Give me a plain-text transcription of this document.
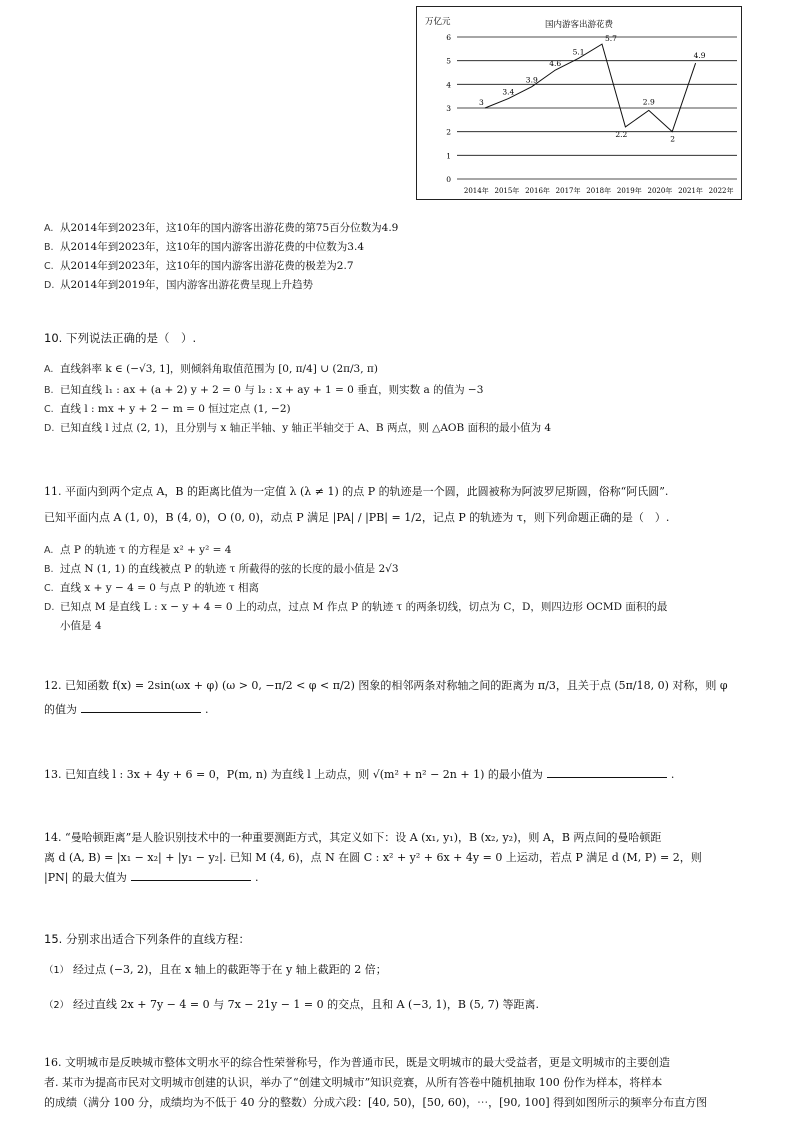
国内游客出游花费
万亿元
0
1
2
3
4
5
6
2014年 2015年 2016年 2017年 2018年 2019年 2020年 2021年 2022年
3
3.4
3.9
4.6
5.1
5.7
2.2
2.9
2
4.9
A. 从2014年到2023年，这10年的国内游客出游花费的第75百分位数为4.9
B. 从2014年到2023年，这10年的国内游客出游花费的中位数为3.4
C. 从2014年到2023年，这10年的国内游客出游花费的极差为2.7
D. 从2014年到2019年，国内游客出游花费呈现上升趋势
10. 下列说法正确的是（　）.
A. 直线斜率 k ∈ (−√3, 1]，则倾斜角取值范围为 [0, π/4] ∪ (2π/3, π)
B. 已知直线 l₁ : ax + (a + 2) y + 2 = 0 与 l₂ : x + ay + 1 = 0 垂直，则实数 a 的值为 −3
C. 直线 l : mx + y + 2 − m = 0 恒过定点 (1, −2)
D. 已知直线 l 过点 (2, 1)，且分别与 x 轴正半轴、y 轴正半轴交于 A、B 两点，则 △AOB 面积的最小值为 4
11. 平面内到两个定点 A，B 的距离比值为一定值 λ (λ ≠ 1) 的点 P 的轨迹是一个圆，此圆被称为阿波罗尼斯圆，俗称“阿氏圆”.
已知平面内点 A (1, 0)，B (4, 0)，O (0, 0)，动点 P 满足 |PA| / |PB| = 1/2，记点 P 的轨迹为 τ，则下列命题正确的是（　）.
A. 点 P 的轨迹 τ 的方程是 x² + y² = 4
B. 过点 N (1, 1) 的直线被点 P 的轨迹 τ 所截得的弦的长度的最小值是 2√3
C. 直线 x + y − 4 = 0 与点 P 的轨迹 τ 相离
D. 已知点 M 是直线 L : x − y + 4 = 0 上的动点，过点 M 作点 P 的轨迹 τ 的两条切线，切点为 C，D，则四边形 OCMD 面积的最
小值是 4
12. 已知函数 f(x) = 2sin(ωx + φ) (ω > 0, −π/2 < φ < π/2) 图象的相邻两条对称轴之间的距离为 π/3，且关于点 (5π/18, 0) 对称，则 φ
的值为	.
13. 已知直线 l : 3x + 4y + 6 = 0，P(m, n) 为直线 l 上动点，则 √(m² + n² − 2n + 1) 的最小值为	.
14. “曼哈顿距离”是人脸识别技术中的一种重要测距方式，其定义如下：设 A (x₁, y₁)，B (x₂, y₂)，则 A，B 两点间的曼哈顿距
离 d (A, B) = |x₁ − x₂| + |y₁ − y₂|. 已知 M (4, 6)，点 N 在圆 C : x² + y² + 6x + 4y = 0 上运动，若点 P 满足 d (M, P) = 2，则
|PN| 的最大值为	.
15. 分别求出适合下列条件的直线方程：
（1） 经过点 (−3, 2)，且在 x 轴上的截距等于在 y 轴上截距的 2 倍；
（2） 经过直线 2x + 7y − 4 = 0 与 7x − 21y − 1 = 0 的交点，且和 A (−3, 1)，B (5, 7) 等距离.
16. 文明城市是反映城市整体文明水平的综合性荣誉称号，作为普通市民，既是文明城市的最大受益者，更是文明城市的主要创造
者. 某市为提高市民对文明城市创建的认识，举办了“创建文明城市”知识竞赛，从所有答卷中随机抽取 100 份作为样本，将样本
的成绩（满分 100 分，成绩均为不低于 40 分的整数）分成六段：[40, 50)，[50, 60)，⋯，[90, 100] 得到如图所示的频率分布直方图
